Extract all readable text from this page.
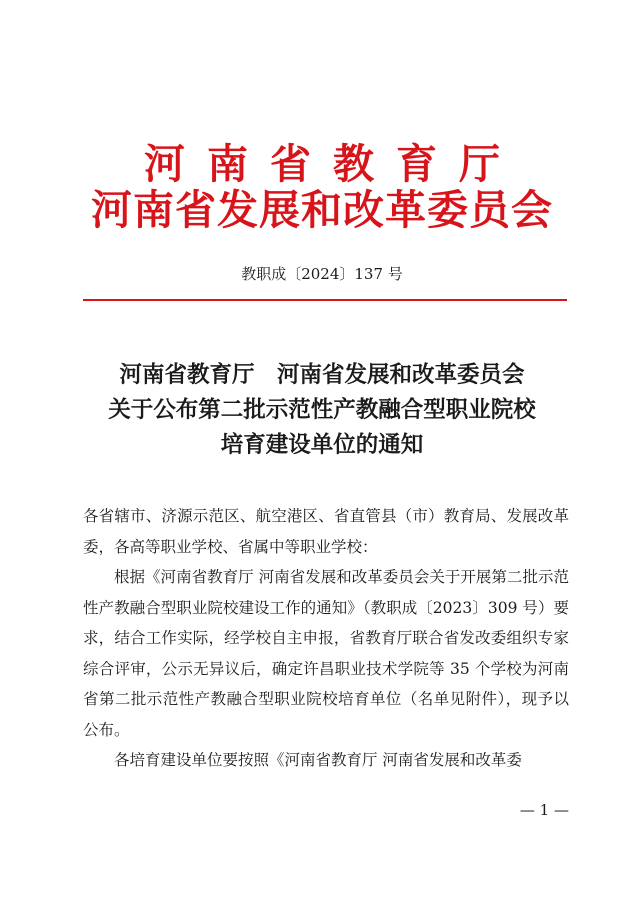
河南省教育厅
河南省发展和改革委员会
教职成〔2024〕137 号
河南省教育厅　河南省发展和改革委员会
关于公布第二批示范性产教融合型职业院校
培育建设单位的通知

各省辖市、济源示范区、航空港区、省直管县（市）教育局、发展改革委，各高等职业学校、省属中等职业学校：

根据《河南省教育厅 河南省发展和改革委员会关于开展第二批示范性产教融合型职业院校建设工作的通知》（教职成〔2023〕309 号）要求，结合工作实际，经学校自主申报，省教育厅联合省发改委组织专家综合评审，公示无异议后，确定许昌职业技术学院等 35 个学校为河南省第二批示范性产教融合型职业院校培育单位（名单见附件），现予以公布。

各培育建设单位要按照《河南省教育厅 河南省发展和改革委

— 1 —
